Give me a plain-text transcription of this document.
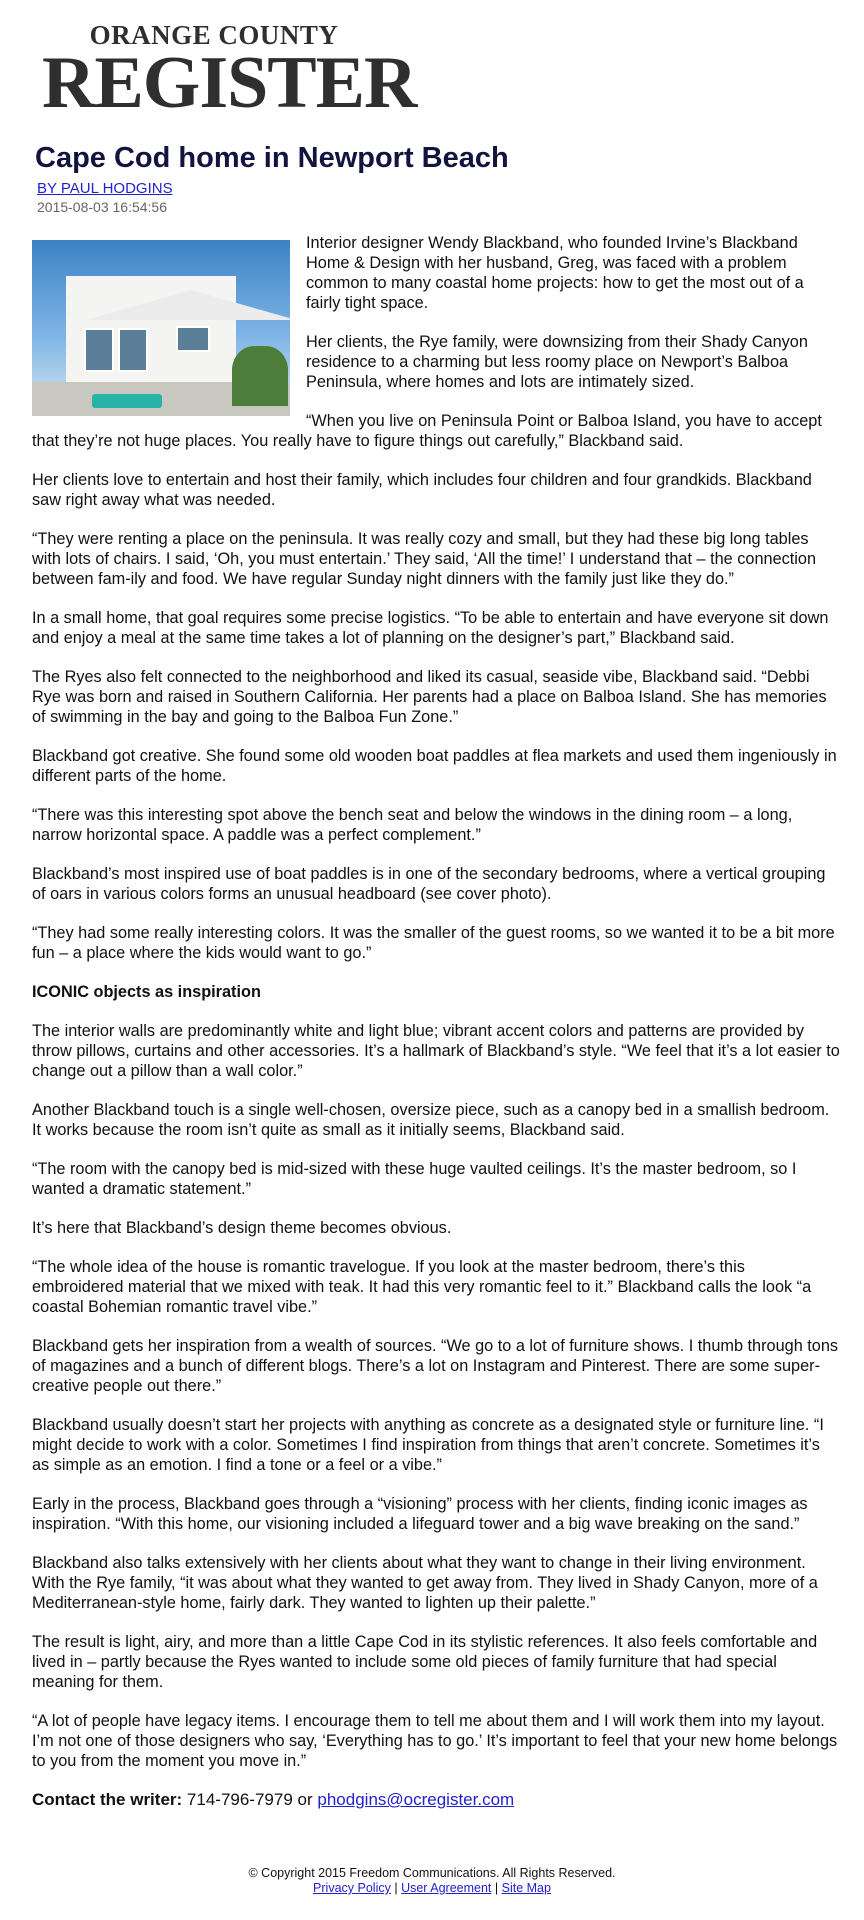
ORANGE COUNTY
REGISTER
Cape Cod home in Newport Beach
BY PAUL HODGINS
2015-08-03 16:54:56

Interior designer Wendy Blackband, who founded Irvine’s Blackband Home & Design with her husband, Greg, was faced with a problem common to many coastal home projects: how to get the most out of a fairly tight space.

Her clients, the Rye family, were downsizing from their Shady Canyon residence to a charming but less roomy place on Newport’s Balboa Peninsula, where homes and lots are intimately sized.

“When you live on Peninsula Point or Balboa Island, you have to accept that they’re not huge places. You really have to figure things out carefully,” Blackband said.

Her clients love to entertain and host their family, which includes four children and four grandkids. Blackband saw right away what was needed.

“They were renting a place on the peninsula. It was really cozy and small, but they had these big long tables with lots of chairs. I said, ‘Oh, you must entertain.’ They said, ‘All the time!’ I understand that – the connection between fam-ily and food. We have regular Sunday night dinners with the family just like they do.”

In a small home, that goal requires some precise logistics. “To be able to entertain and have everyone sit down and enjoy a meal at the same time takes a lot of planning on the designer’s part,” Blackband said.

The Ryes also felt connected to the neighborhood and liked its casual, seaside vibe, Blackband said. “Debbi Rye was born and raised in Southern California. Her parents had a place on Balboa Island. She has memories of swimming in the bay and going to the Balboa Fun Zone.”

Blackband got creative. She found some old wooden boat paddles at flea markets and used them ingeniously in different parts of the home.

“There was this interesting spot above the bench seat and below the windows in the dining room – a long, narrow horizontal space. A paddle was a perfect complement.”

Blackband’s most inspired use of boat paddles is in one of the secondary bedrooms, where a vertical grouping of oars in various colors forms an unusual headboard (see cover photo).

“They had some really interesting colors. It was the smaller of the guest rooms, so we wanted it to be a bit more fun – a place where the kids would want to go.”

ICONIC objects as inspiration

The interior walls are predominantly white and light blue; vibrant accent colors and patterns are provided by throw pillows, curtains and other accessories. It’s a hallmark of Blackband’s style. “We feel that it’s a lot easier to change out a pillow than a wall color.”

Another Blackband touch is a single well-chosen, oversize piece, such as a canopy bed in a smallish bedroom. It works because the room isn’t quite as small as it initially seems, Blackband said.

“The room with the canopy bed is mid-sized with these huge vaulted ceilings. It’s the master bedroom, so I wanted a dramatic statement.”

It’s here that Blackband’s design theme becomes obvious.

“The whole idea of the house is romantic travelogue. If you look at the master bedroom, there’s this embroidered material that we mixed with teak. It had this very romantic feel to it.” Blackband calls the look “a coastal Bohemian romantic travel vibe.”

Blackband gets her inspiration from a wealth of sources. “We go to a lot of furniture shows. I thumb through tons of magazines and a bunch of different blogs. There’s a lot on Instagram and Pinterest. There are some super-creative people out there.”

Blackband usually doesn’t start her projects with anything as concrete as a designated style or furniture line. “I might decide to work with a color. Sometimes I find inspiration from things that aren’t concrete. Sometimes it’s as simple as an emotion. I find a tone or a feel or a vibe.”

Early in the process, Blackband goes through a “visioning” process with her clients, finding iconic images as inspiration. “With this home, our visioning included a lifeguard tower and a big wave breaking on the sand.”

Blackband also talks extensively with her clients about what they want to change in their living environment. With the Rye family, “it was about what they wanted to get away from. They lived in Shady Canyon, more of a Mediterranean-style home, fairly dark. They wanted to lighten up their palette.”

The result is light, airy, and more than a little Cape Cod in its stylistic references. It also feels comfortable and lived in – partly because the Ryes wanted to include some old pieces of family furniture that had special meaning for them.

“A lot of people have legacy items. I encourage them to tell me about them and I will work them into my layout. I’m not one of those designers who say, ‘Everything has to go.’ It’s important to feel that your new home belongs to you from the moment you move in.”

Contact the writer: 714-796-7979 or phodgins@ocregister.com
© Copyright 2015 Freedom Communications. All Rights Reserved.
Privacy Policy | User Agreement | Site Map
